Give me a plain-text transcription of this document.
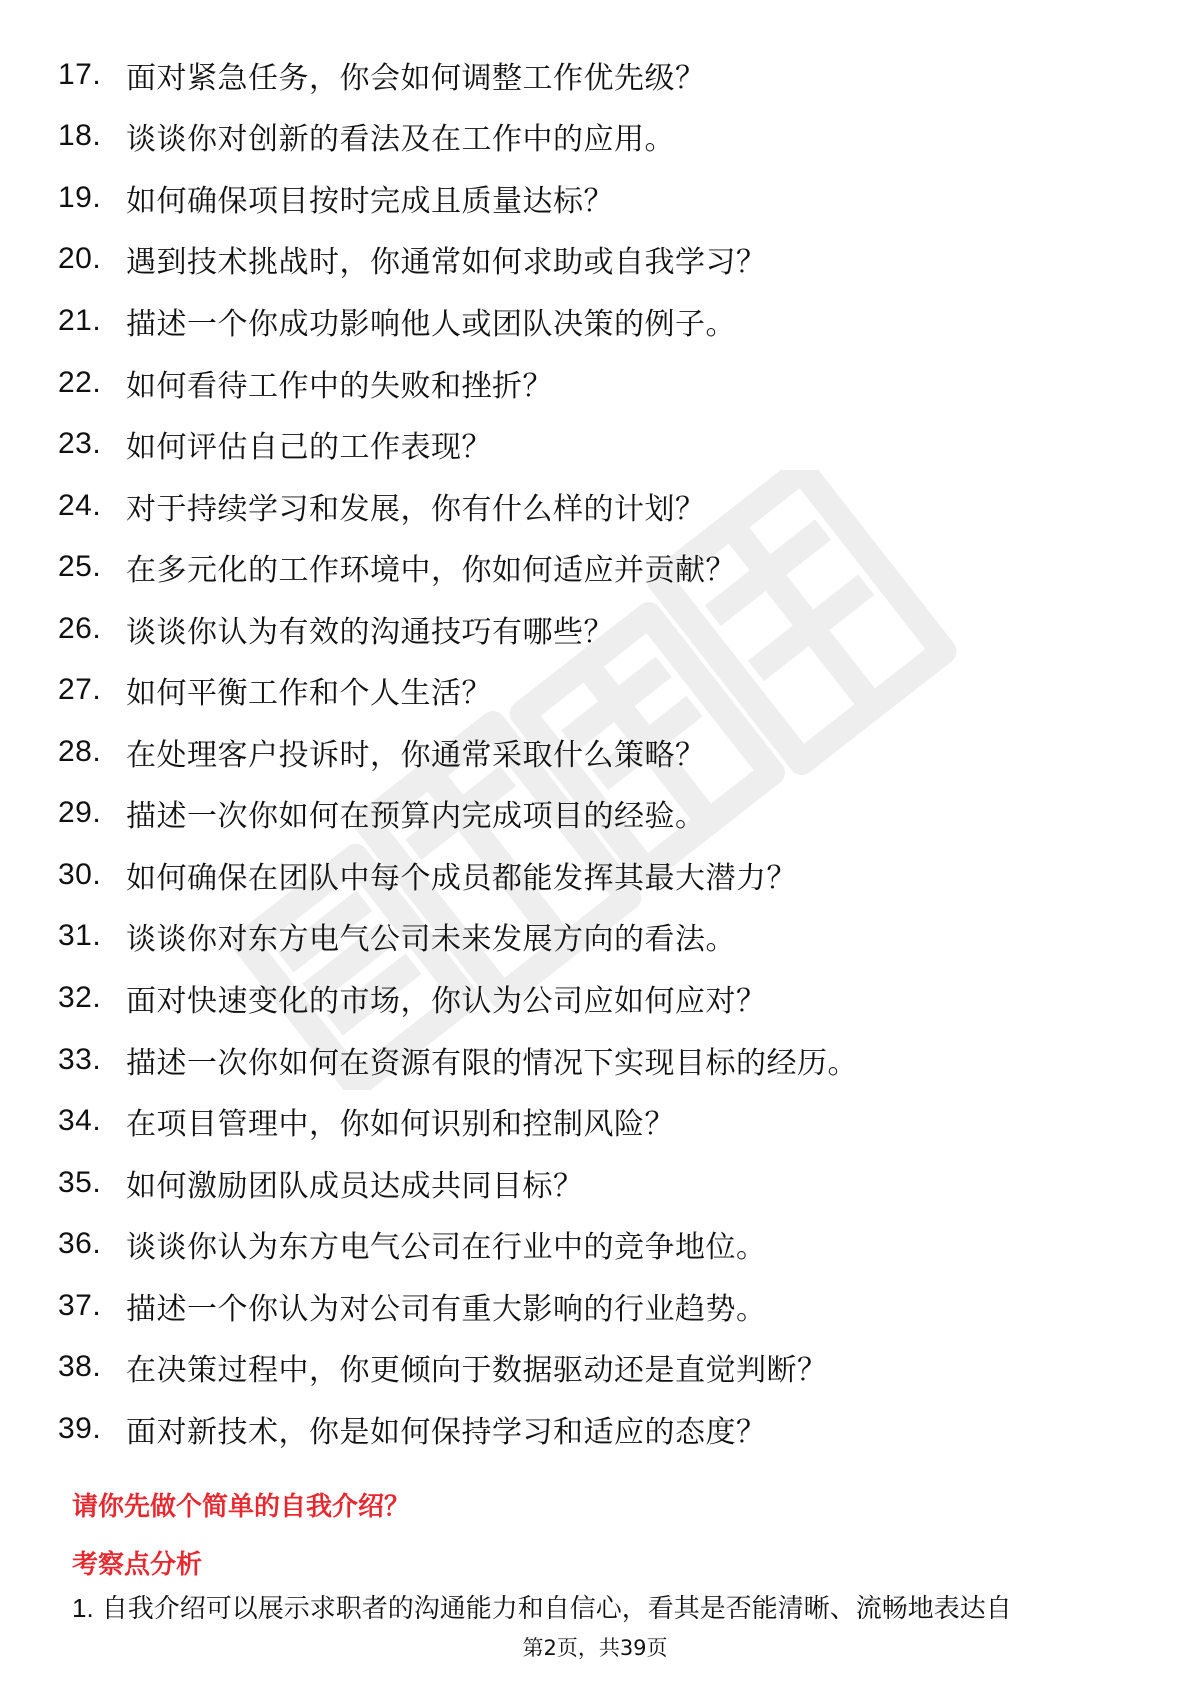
17. 面对紧急任务，你会如何调整工作优先级？
18. 谈谈你对创新的看法及在工作中的应用。
19. 如何确保项目按时完成且质量达标？
20. 遇到技术挑战时，你通常如何求助或自我学习？
21. 描述一个你成功影响他人或团队决策的例子。
22. 如何看待工作中的失败和挫折？
23. 如何评估自己的工作表现？
24. 对于持续学习和发展，你有什么样的计划？
25. 在多元化的工作环境中，你如何适应并贡献？
26. 谈谈你认为有效的沟通技巧有哪些？
27. 如何平衡工作和个人生活？
28. 在处理客户投诉时，你通常采取什么策略？
29. 描述一次你如何在预算内完成项目的经验。
30. 如何确保在团队中每个成员都能发挥其最大潜力？
31. 谈谈你对东方电气公司未来发展方向的看法。
32. 面对快速变化的市场，你认为公司应如何应对？
33. 描述一次你如何在资源有限的情况下实现目标的经历。
34. 在项目管理中，你如何识别和控制风险？
35. 如何激励团队成员达成共同目标？
36. 谈谈你认为东方电气公司在行业中的竞争地位。
37. 描述一个你认为对公司有重大影响的行业趋势。
38. 在决策过程中，你更倾向于数据驱动还是直觉判断？
39. 面对新技术，你是如何保持学习和适应的态度？
请你先做个简单的自我介绍？
考察点分析
1. 自我介绍可以展示求职者的沟通能力和自信心，看其是否能清晰、流畅地表达自
第2页，共39页
